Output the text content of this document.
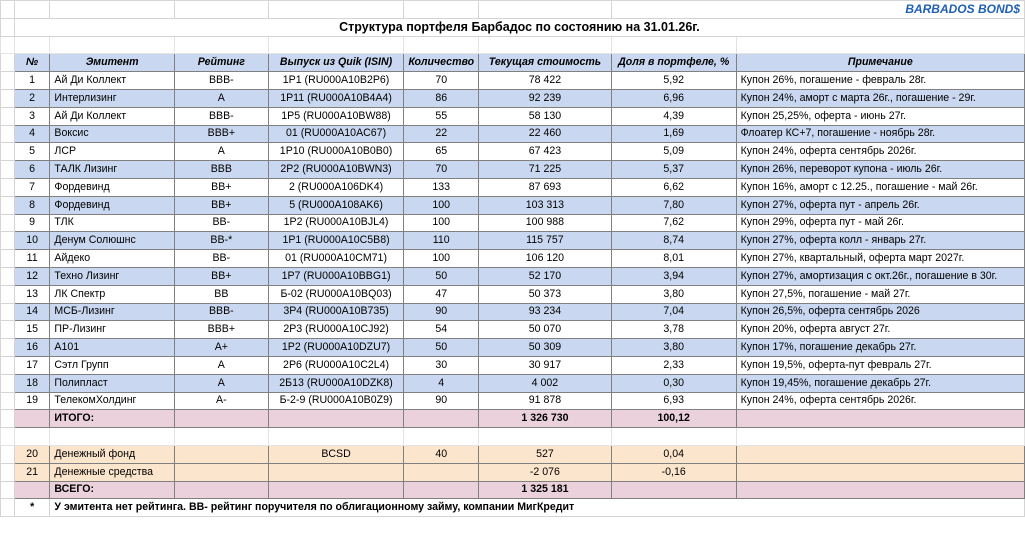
							BARBADOS BOND$	
	Структура портфеля Барбадос по состоянию на 31.01.26г.							

	№	Эмитент	Рейтинг	Выпуск из Quik (ISIN)	Количество	Текущая стоимость	Доля в портфеле, %	Примечание
	1	Ай Ди Коллект	BBB-	1P1 (RU000A10B2P6)	70	78 422	5,92	Купон 26%, погашение - февраль 28г.
	2	Интерлизинг	A	1P11 (RU000A10B4A4)	86	92 239	6,96	Купон 24%, аморт с марта 26г., погашение - 29г.
	3	Ай Ди Коллект	BBB-	1P5 (RU000A10BW88)	55	58 130	4,39	Купон 25,25%, оферта - июнь 27г.
	4	Воксис	BBB+	01 (RU000A10AC67)	22	22 460	1,69	Флоатер КС+7, погашение - ноябрь 28г.
	5	ЛСР	A	1P10 (RU000A10B0B0)	65	67 423	5,09	Купон 24%, оферта сентябрь 2026г.
	6	ТАЛК Лизинг	BBB	2P2 (RU000A10BWN3)	70	71 225	5,37	Купон 26%, переворот купона - июль 26г.
	7	Фордевинд	BB+	2 (RU000A106DK4)	133	87 693	6,62	Купон 16%, аморт с 12.25., погашение - май 26г.
	8	Фордевинд	BB+	5 (RU000A108AK6)	100	103 313	7,80	Купон 27%, оферта пут - апрель 26г.
	9	ТЛК	BB-	1P2 (RU000A10BJL4)	100	100 988	7,62	Купон 29%, оферта пут - май 26г.
	10	Денум Солюшнс	BB-*	1P1 (RU000A10C5B8)	110	115 757	8,74	Купон 27%, оферта колл - январь 27г.
	11	Айдеко	BB-	01 (RU000A10CM71)	100	106 120	8,01	Купон 27%, квартальный, оферта март 2027г.
	12	Техно Лизинг	BB+	1P7 (RU000A10BBG1)	50	52 170	3,94	Купон 27%, амортизация с окт.26г., погашение в 30г.
	13	ЛК Спектр	BB	Б-02 (RU000A10BQ03)	47	50 373	3,80	Купон 27,5%, погашение - май 27г.
	14	МСБ-Лизинг	BBB-	3P4 (RU000A10B735)	90	93 234	7,04	Купон 26,5%, оферта сентябрь 2026
	15	ПР-Лизинг	BBB+	2P3 (RU000A10CJ92)	54	50 070	3,78	Купон 20%, оферта август 27г.
	16	А101	A+	1P2 (RU000A10DZU7)	50	50 309	3,80	Купон 17%, погашение декабрь 27г.
	17	Сэтл Групп	A	2P6 (RU000A10C2L4)	30	30 917	2,33	Купон 19,5%, оферта-пут февраль 27г.
	18	Полипласт	A	2Б13 (RU000A10DZK8)	4	4 002	0,30	Купон 19,45%, погашение декабрь 27г.
	19	ТелекомХолдинг	A-	Б-2-9 (RU000A10B0Z9)	90	91 878	6,93	Купон 24%, оферта сентябрь 2026г.
		ИТОГО:				1 326 730	100,12	

	20	Денежный фонд		BCSD	40	527	0,04	
	21	Денежные средства				-2 076	-0,16	
		ВСЕГО:				1 325 181		
	*	У эмитента нет рейтинга. BB- рейтинг поручителя по облигационному займу, компании МигКредит						
